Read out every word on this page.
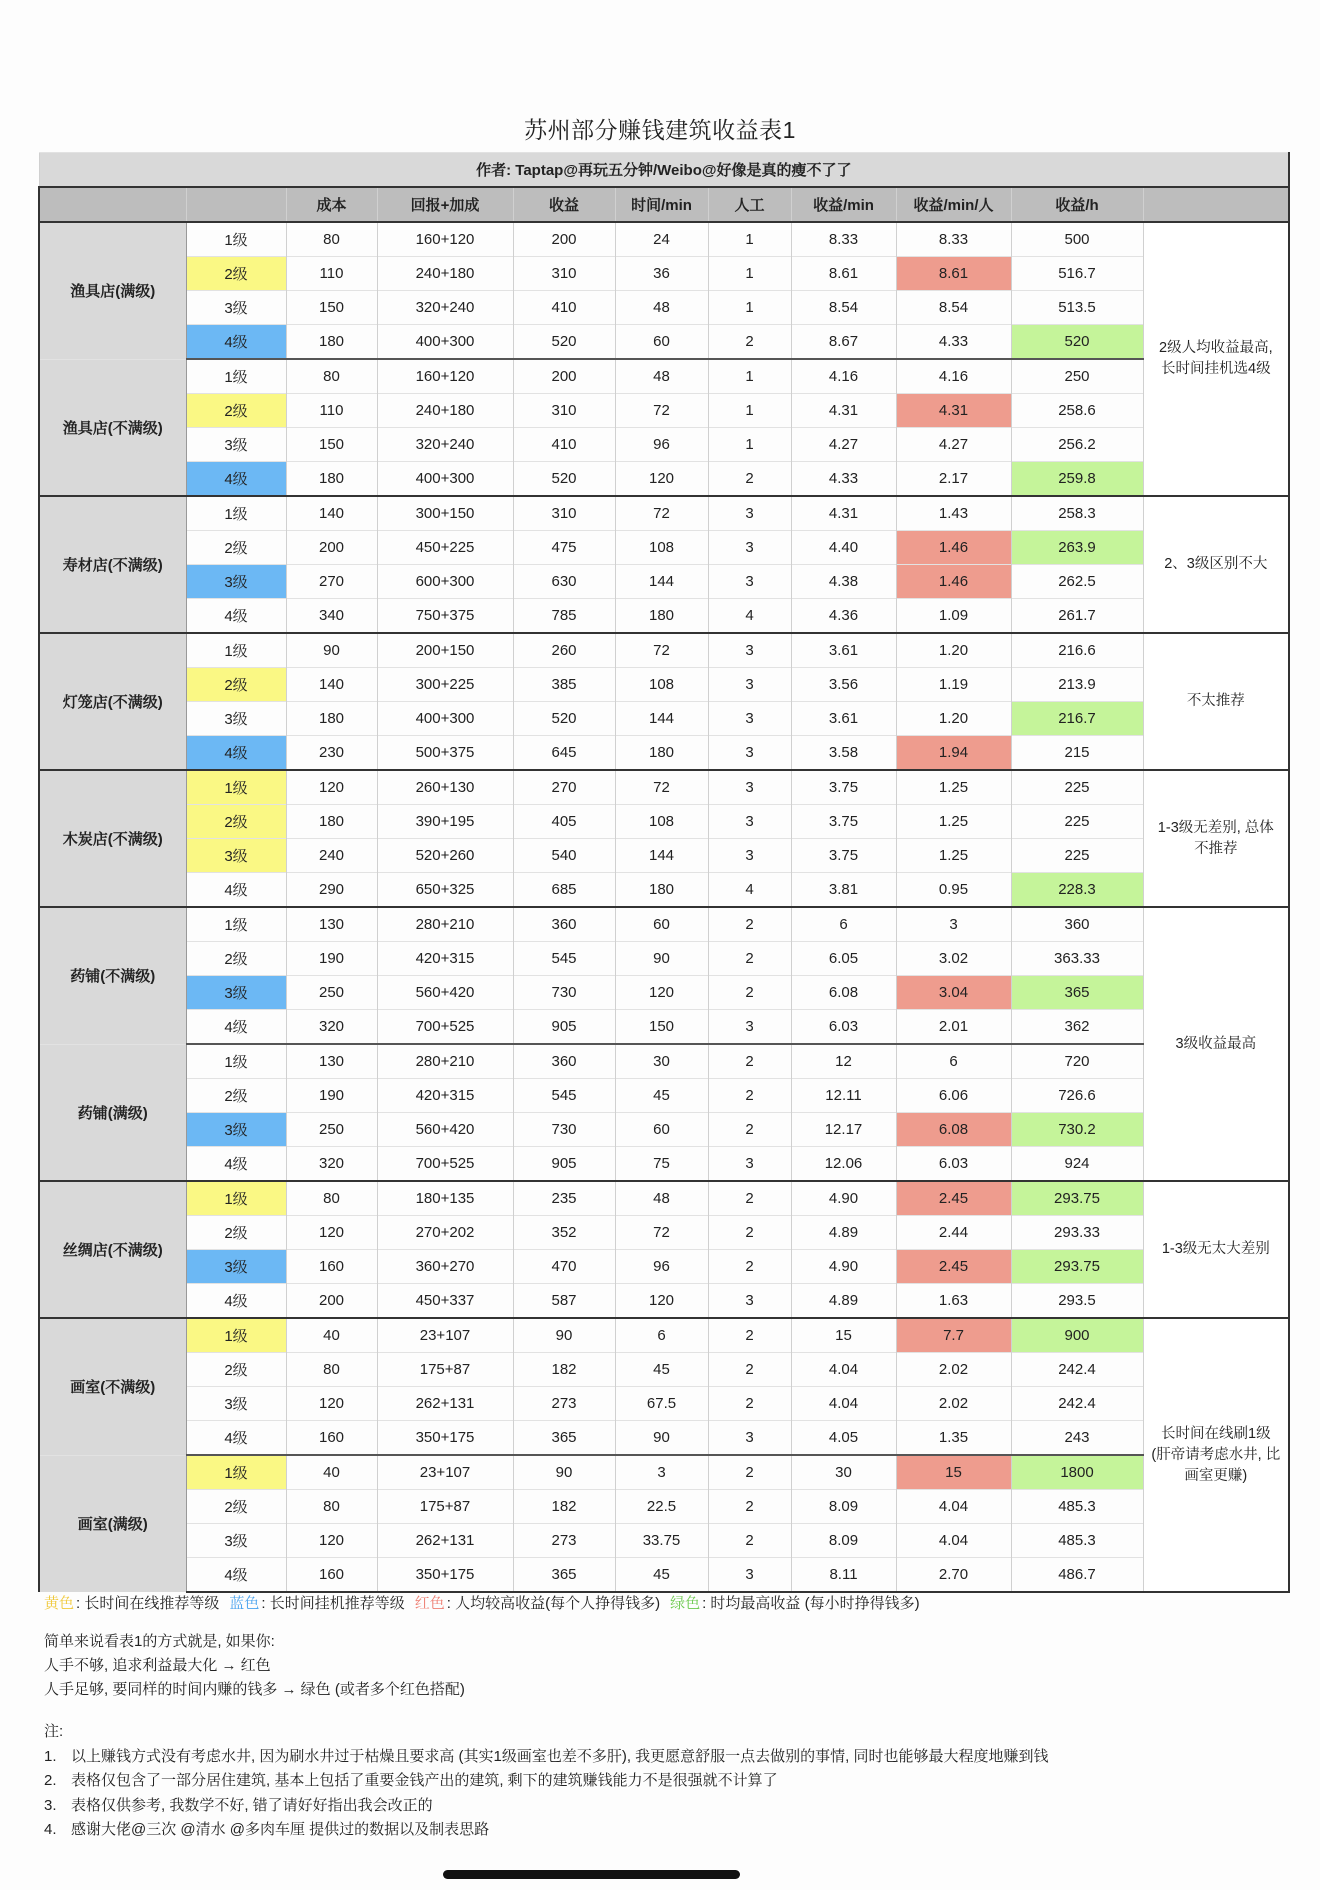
苏州部分赚钱建筑收益表1
作者: Taptap@再玩五分钟/Weibo@好像是真的瘦不了了										
		成本	回报+加成	收益	时间/min	人工	收益/min	收益/min/人	收益/h	
渔具店(满级)	1级	80	160+120	200	24	1	8.33	8.33	500	2级人均收益最高,
长时间挂机选4级

	2级	110	240+180	310	36	1	8.61	8.61	516.7	
	3级	150	320+240	410	48	1	8.54	8.54	513.5	
	4级	180	400+300	520	60	2	8.67	4.33	520	
渔具店(不满级)	1级	80	160+120	200	48	1	4.16	4.16	250	
	2级	110	240+180	310	72	1	4.31	4.31	258.6	
	3级	150	320+240	410	96	1	4.27	4.27	256.2	
	4级	180	400+300	520	120	2	4.33	2.17	259.8	
寿材店(不满级)	1级	140	300+150	310	72	3	4.31	1.43	258.3	2、3级区别不大

	2级	200	450+225	475	108	3	4.40	1.46	263.9	
	3级	270	600+300	630	144	3	4.38	1.46	262.5	
	4级	340	750+375	785	180	4	4.36	1.09	261.7	
灯笼店(不满级)	1级	90	200+150	260	72	3	3.61	1.20	216.6	不太推荐

	2级	140	300+225	385	108	3	3.56	1.19	213.9	
	3级	180	400+300	520	144	3	3.61	1.20	216.7	
	4级	230	500+375	645	180	3	3.58	1.94	215	
木炭店(不满级)	1级	120	260+130	270	72	3	3.75	1.25	225	1-3级无差别, 总体
不推荐

	2级	180	390+195	405	108	3	3.75	1.25	225	
	3级	240	520+260	540	144	3	3.75	1.25	225	
	4级	290	650+325	685	180	4	3.81	0.95	228.3	
药铺(不满级)	1级	130	280+210	360	60	2	6	3	360	3级收益最高

	2级	190	420+315	545	90	2	6.05	3.02	363.33	
	3级	250	560+420	730	120	2	6.08	3.04	365	
	4级	320	700+525	905	150	3	6.03	2.01	362	
药铺(满级)	1级	130	280+210	360	30	2	12	6	720	
	2级	190	420+315	545	45	2	12.11	6.06	726.6	
	3级	250	560+420	730	60	2	12.17	6.08	730.2	
	4级	320	700+525	905	75	3	12.06	6.03	924	
丝绸店(不满级)	1级	80	180+135	235	48	2	4.90	2.45	293.75	1-3级无太大差别

	2级	120	270+202	352	72	2	4.89	2.44	293.33	
	3级	160	360+270	470	96	2	4.90	2.45	293.75	
	4级	200	450+337	587	120	3	4.89	1.63	293.5	
画室(不满级)	1级	40	23+107	90	6	2	15	7.7	900	长时间在线刷1级
(肝帝请考虑水井, 比
画室更赚)

	2级	80	175+87	182	45	2	4.04	2.02	242.4	
	3级	120	262+131	273	67.5	2	4.04	2.02	242.4	
	4级	160	350+175	365	90	3	4.05	1.35	243	
画室(满级)	1级	40	23+107	90	3	2	30	15	1800	
	2级	80	175+87	182	22.5	2	8.09	4.04	485.3	
	3级	120	262+131	273	33.75	2	8.09	4.04	485.3	
	4级	160	350+175	365	45	3	8.11	2.70	486.7	
黄色 : 长时间在线推荐等级 蓝色 : 长时间挂机推荐等级 红色 : 人均较高收益(每个人挣得钱多) 绿色 : 时均最高收益 (每小时挣得钱多)
简单来说看表1的方式就是, 如果你:
人手不够, 追求利益最大化 → 红色
人手足够, 要同样的时间内赚的钱多 → 绿色 (或者多个红色搭配)
注:
1. 以上赚钱方式没有考虑水井, 因为刷水井过于枯燥且要求高 (其实1级画室也差不多肝), 我更愿意舒服一点去做别的事情, 同时也能够最大程度地赚到钱
2. 表格仅包含了一部分居住建筑, 基本上包括了重要金钱产出的建筑, 剩下的建筑赚钱能力不是很强就不计算了
3. 表格仅供参考, 我数学不好, 错了请好好指出我会改正的
4. 感谢大佬@三次 @清水 @多肉车厘 提供过的数据以及制表思路
